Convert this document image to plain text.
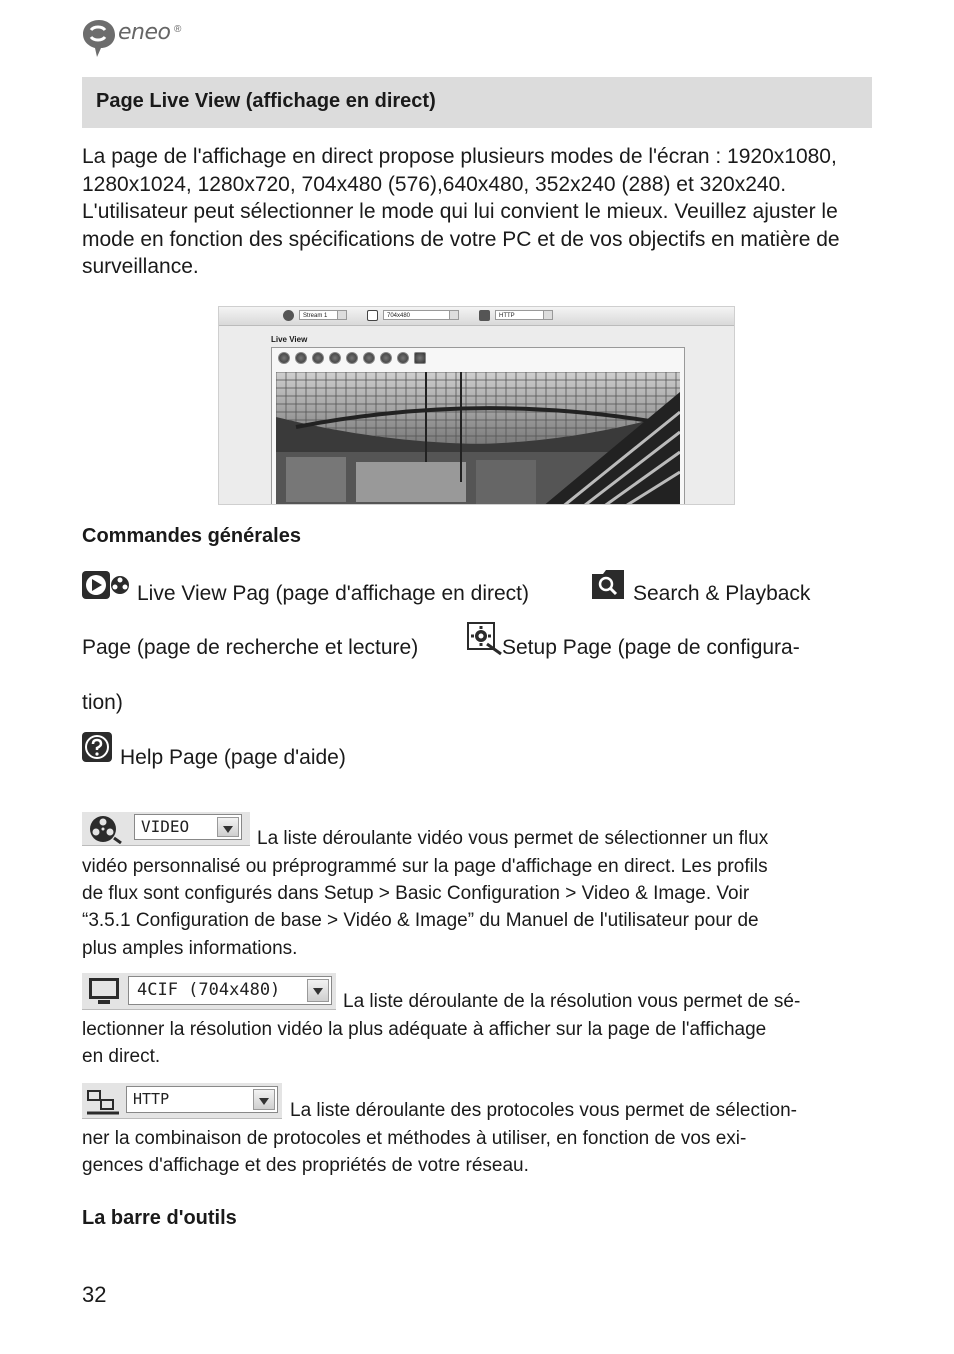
eneo ®
Page Live View (affichage en direct)
La page de l'affichage en direct propose plusieurs modes de l'écran : 1920x1080, 1280x1024, 1280x720, 704x480 (576),640x480, 352x240 (288) et 320x240. L'utilisateur peut sélectionner le mode qui lui convient le mieux. Veuillez ajuster le mode en fonction des spécifications de votre PC et de vos objectifs en matière de surveillance.
Stream 1	704x480	HTTP
Live View
Commandes générales
Live View Pag (page d'affichage en direct)	Search & Playback
Page (page de recherche et lecture)	Setup Page (page de configura-
tion)
Help Page (page d'aide)
VIDEO
La liste déroulante vidéo vous permet de sélectionner un flux
vidéo personnalisé ou préprogrammé sur la page d'affichage en direct. Les profils
de flux sont configurés dans Setup > Basic Configuration > Video & Image. Voir
“3.5.1 Configuration de base > Vidéo & Image” du Manuel de l'utilisateur pour de
plus amples informations.
4CIF (704x480)
La liste déroulante de la résolution vous permet de sé-
lectionner la résolution vidéo la plus adéquate à afficher sur la page de l'affichage
en direct.
HTTP
La liste déroulante des protocoles vous permet de sélection-
ner la combinaison de protocoles et méthodes à utiliser, en fonction de vos exi-
gences d'affichage et des propriétés de votre réseau.
La barre d'outils
32
